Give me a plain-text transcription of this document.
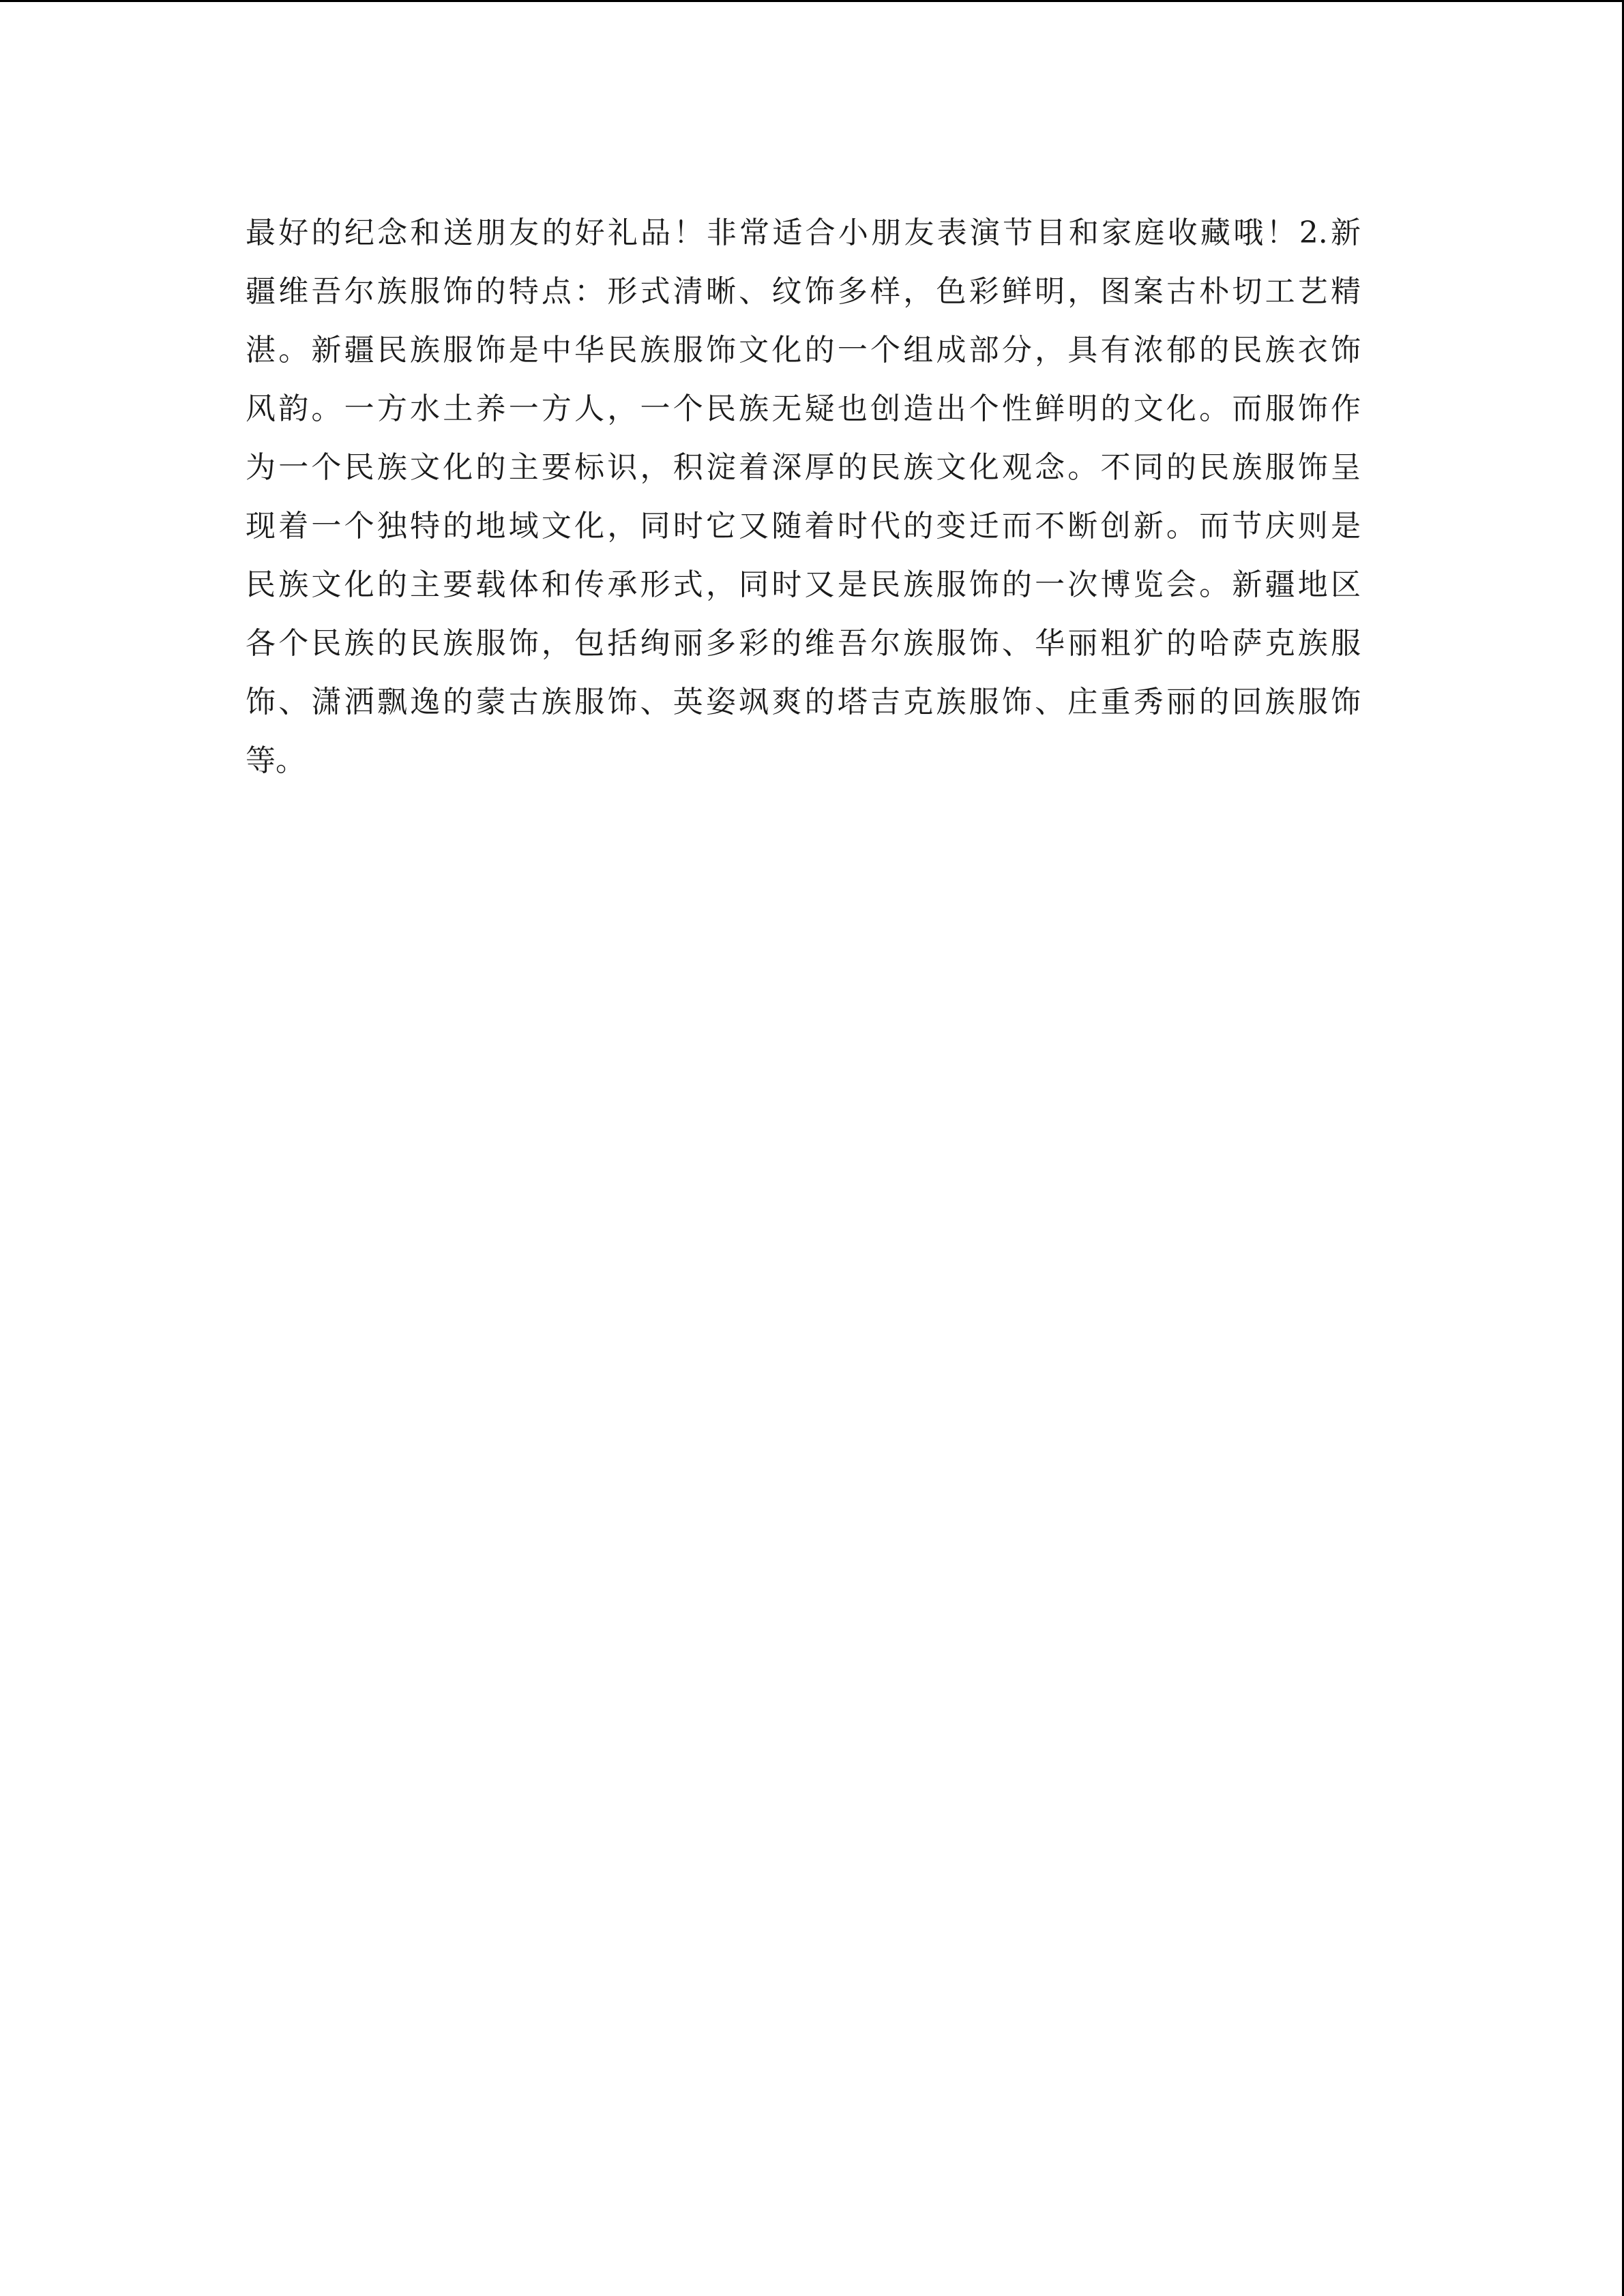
最好的纪念和送朋友的好礼品！非常适合小朋友表演节目和家庭收藏哦！2.新
疆维吾尔族服饰的特点：形式清晰、纹饰多样，色彩鲜明，图案古朴切工艺精
湛。新疆民族服饰是中华民族服饰文化的一个组成部分，具有浓郁的民族衣饰
风韵。一方水土养一方人，一个民族无疑也创造出个性鲜明的文化。而服饰作
为一个民族文化的主要标识，积淀着深厚的民族文化观念。不同的民族服饰呈
现着一个独特的地域文化，同时它又随着时代的变迁而不断创新。而节庆则是
民族文化的主要载体和传承形式，同时又是民族服饰的一次博览会。新疆地区
各个民族的民族服饰，包括绚丽多彩的维吾尔族服饰、华丽粗犷的哈萨克族服
饰、潇洒飘逸的蒙古族服饰、英姿飒爽的塔吉克族服饰、庄重秀丽的回族服饰
等。
